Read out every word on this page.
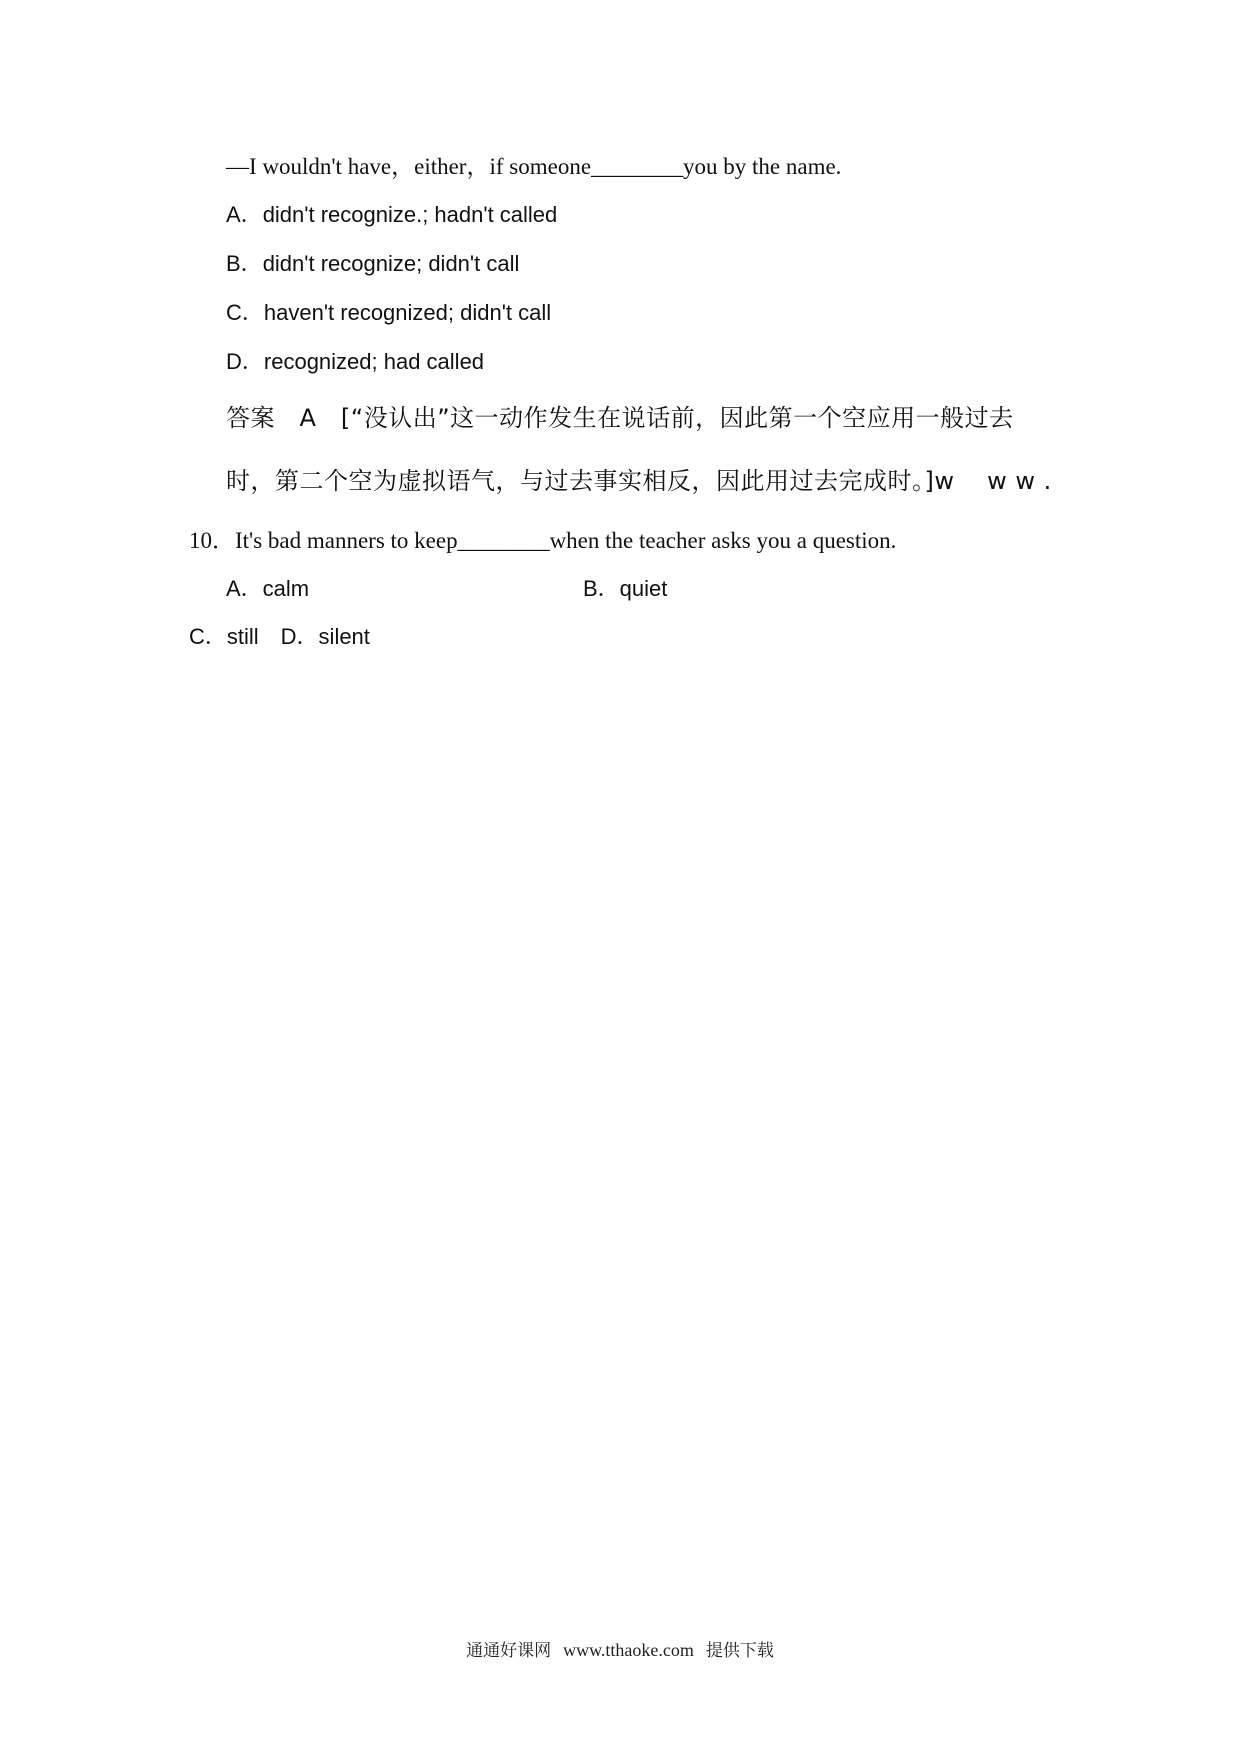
—I wouldn't have，either，if someone________you by the name.
A．didn't recognize.; hadn't called
B．didn't recognize; didn't call
C．haven't recognized; didn't call
D．recognized; had called
答案　A　[“没认出”这一动作发生在说话前，因此第一个空应用一般过去
时，第二个空为虚拟语气，与过去事实相反，因此用过去完成时。]w　 w w .
10．It's bad manners to keep________when the teacher asks you a question.
A．calm	B．quiet
C．still　D．silent
通通好课网 www.tthaoke.com 提供下载
